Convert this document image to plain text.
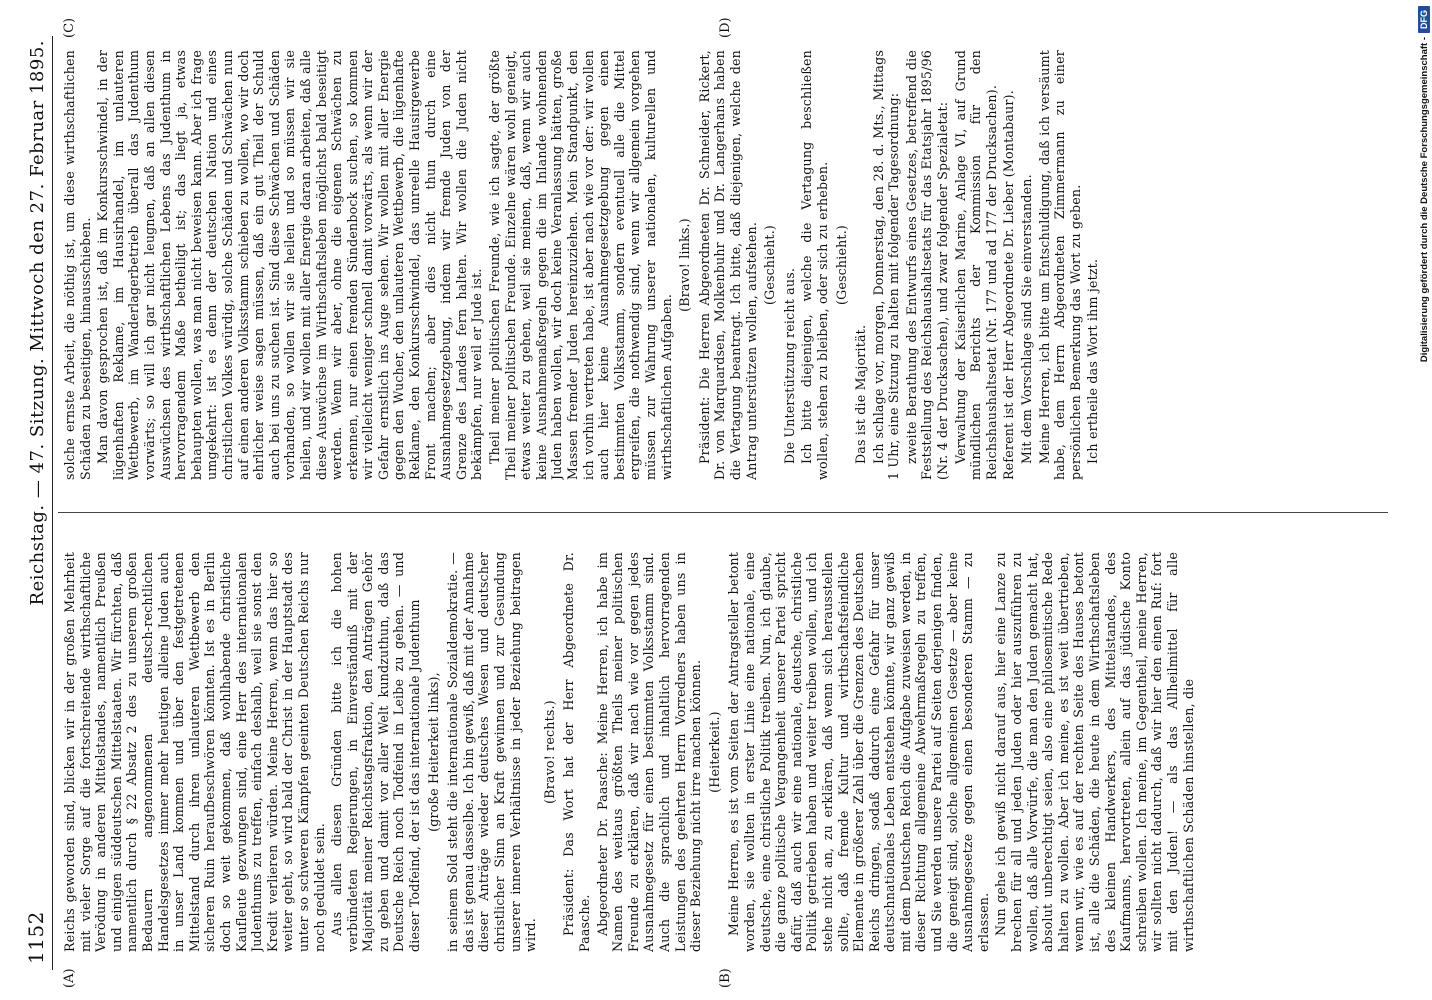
1152
Reichstag. — 47. Sitzung. Mittwoch den 27. Februar 1895.
(A)	(B)
(C)	(D)

Reichs geworden sind, blicken wir in der großen Mehrheit mit vieler Sorge auf die fortschreitende wirthschaftliche Verödung in anderen Mittelstandes, namentlich Preußen und einigen süddeutschen Mittelstaaten. Wir fürchten, daß namentlich durch § 22 Absatz 2 des zu unserem großen Bedauern angenommenen deutsch-rechtlichen Handelsgesetzes immer mehr heutigen alleine Juden auch in unser Land kommen und über den festgetretenen Mittelstand durch ihren unlauteren Wettbewerb den sicheren Ruin heraufbeschwören könnten. Ist es in Berlin doch so weit gekommen, daß wohlhabende christliche Kaufleute gezwungen sind, eine Herr des internationalen Judenthums zu treffen, einfach deshalb, weil sie sonst den Kredit verlieren würden. Meine Herren, wenn das hier so weiter geht, so wird bald der Christ in der Hauptstadt des unter so schweren Kämpfen geeinten Deutschen Reichs nur noch geduldet sein. Aus allen diesen Gründen bitte ich die hohen verbündeten Regierungen, in Einverständniß mit der Majorität meiner Reichstagsfraktion, den Anträgen Gehör zu geben und damit vor aller Welt kundzuthun, daß das Deutsche Reich noch Todfeind in Leibe zu gehen. — und dieser Todfeind, der ist das internationale Judenthum (große Heiterkeit links), in seinem Sold steht die internationale Sozialdemokratie. — das ist genau dasselbe. Ich bin gewiß, daß mit der Annahme dieser Anträge wieder deutsches Wesen und deutscher christlicher Sinn an Kraft gewinnen und zur Gesundung unserer inneren Verhältnisse in jeder Beziehung beitragen wird.

(Bravo! rechts.) Präsident: Das Wort hat der Herr Abgeordnete Dr. Paasche. Abgeordneter Dr. Paasche: Meine Herren, ich habe im Namen des weitaus größten Theils meiner politischen Freunde zu erklären, daß wir nach wie vor gegen jedes Ausnahmegesetz für einen bestimmten Volksstamm sind. Auch die sprachlich und inhaltlich hervorragenden Leistungen des geehrten Herrn Vorredners haben uns in dieser Beziehung nicht irre machen können. (Heiterkeit.) Meine Herren, es ist vom Seiten der Antragsteller betont worden, sie wollten in erster Linie eine nationale, eine deutsche, eine christliche Politik treiben. Nun, ich glaube, die ganze politische Vergangenheit unserer Partei spricht dafür, daß auch wir eine nationale, deutsche, christliche Politik getrieben haben und weiter treiben wollen, und ich stehe nicht an, zu erklären, daß wenn sich herausstellen sollte, daß fremde Kultur und wirthschaftsfeindliche Elemente in größerer Zahl über die Grenzen des Deutschen Reichs dringen, sodaß dadurch eine Gefahr für unser deutschnationales Leben entstehen könnte, wir ganz gewiß mit dem Deutschen Reich die Aufgabe zuweisen werden, in dieser Richtung allgemeine Abwehrmaßregeln zu treffen, und Sie werden unsere Partei auf Seiten derjenigen finden, die geneigt sind, solche allgemeinen Gesetze — aber keine Ausnahmegesetze gegen einen besonderen Stamm — zu erlassen. Nun gehe ich gewiß nicht darauf aus, hier eine Lanze zu brechen für all und jeden Juden oder hier auszuführen zu wollen, daß alle Vorwürfe, die man den Juden gemacht hat, absolut unberechtigt seien, also eine philosemitische Rede halten zu wollen. Aber ich meine, es ist weit übertrieben, wenn wir, wie es auf der rechten Seite des Hauses betont ist, alle die Schäden, die heute in dem Wirthschaftsleben des kleinen Handwerkers, des Mittelstandes, des Kaufmanns, hervortreten, allein auf das jüdische Konto schreiben wollen. Ich meine, im Gegentheil, meine Herren, wir sollten nicht dadurch, daß wir hier den einen Ruf: fort mit den Juden! — als das Allheilmittel für alle wirthschaftlichen Schäden hinstellen, die

solche ernste Arbeit, die nöthig ist, um diese wirthschaftlichen Schäden zu beseitigen, hinausschieben. Man davon gesprochen ist, daß im Konkursschwindel, in der lügenhaften Reklame, im Hausirhandel, im unlauteren Wettbewerb, im Wanderlagerbetrieb überall das Judenthum vorwärts; so will ich gar nicht leugnen, daß an allen diesen Auswüchsen des wirthschaftlichen Lebens das Judenthum in hervorragendem Maße betheiligt ist; das liegt ja, etwas behaupten wollen, was man nicht beweisen kann. Aber ich frage umgekehrt: ist es denn der deutschen Nation und eines christlichen Volkes würdig, solche Schäden und Schwächen nun auf einen anderen Volksstamm schieben zu wollen, wo wir doch ehrlicher weise sagen müssen, daß ein gut Theil der Schuld auch bei uns zu suchen ist. Sind diese Schwächen und Schäden vorhanden, so wollen wir sie heilen und so müssen wir sie heilen, und wir wollen mit aller Energie daran arbeiten, daß alle diese Auswüchse im Wirthschaftsleben möglichst bald beseitigt werden. Wenn wir aber, ohne die eigenen Schwächen zu erkennen, nur einen fremden Sündenbock suchen, so kommen wir vielleicht weniger schnell damit vorwärts, als wenn wir der Gefahr ernstlich ins Auge sehen. Wir wollen mit aller Energie gegen den Wucher, den unlauteren Wettbewerb, die lügenhafte Reklame, den Konkursschwindel, das unreelle Hausirgewerbe Front machen; aber dies nicht thun durch eine Ausnahmegesetzgebung, indem wir fremde Juden von der Grenze des Landes fern halten. Wir wollen die Juden nicht bekämpfen, nur weil er Jude ist. Theil meiner politischen Freunde, wie ich sagte, der größte Theil meiner politischen Freunde. Einzelne wären wohl geneigt, etwas weiter zu gehen, weil sie meinen, daß, wenn wir auch keine Ausnahmemaßregeln gegen die im Inlande wohnenden Juden haben wollen, wir doch keine Veranlassung hätten, große Massen fremder Juden hereinzuziehen. Mein Standpunkt, den ich vorhin vertreten habe, ist aber nach wie vor der: wir wollen auch hier keine Ausnahmegesetzgebung gegen einen bestimmten Volksstamm, sondern eventuell alle die Mittel ergreifen, die nothwendig sind, wenn wir allgemein vorgehen müssen zur Wahrung unserer nationalen, kulturellen und wirthschaftlichen Aufgaben.

(Bravo! links.) Präsident: Die Herren Abgeordneten Dr. Schneider, Rickert, Dr. von Marquardsen, Molkenbuhr und Dr. Langerhans haben die Vertagung beantragt. Ich bitte, daß diejenigen, welche den Antrag unterstützen wollen, aufstehen. (Geschieht.)

Die Unterstützung reicht aus. Ich bitte diejenigen, welche die Vertagung beschließen wollen, stehen zu bleiben, oder sich zu erheben. (Geschieht.)

Das ist die Majorität. Ich schlage vor, morgen, Donnerstag, den 28. d. Mts., Mittags 1 Uhr, eine Sitzung zu halten mit folgender Tagesordnung: zweite Berathung des Entwurfs eines Gesetzes, betreffend die Feststellung des Reichshaushaltsetats für das Etatsjahr 1895/96 (Nr. 4 der Drucksachen), und zwar folgender Spezialetat: Verwaltung der Kaiserlichen Marine, Anlage VI, auf Grund mündlichen Berichts der Kommission für den Reichshaushaltsetat (Nr. 177 und ad 177 der Drucksachen). Referent ist der Herr Abgeordnete Dr. Lieber (Montabaur). Mit dem Vorschlage sind Sie einverstanden. Meine Herren, ich bitte um Entschuldigung, daß ich versäumt habe, dem Herrn Abgeordneten Zimmermann zu einer persönlichen Bemerkung das Wort zu geben. Ich ertheile das Wort ihm jetzt.	Digitalisierung gefördert durch die Deutsche Forschungsgemeinschaft -
DFG
